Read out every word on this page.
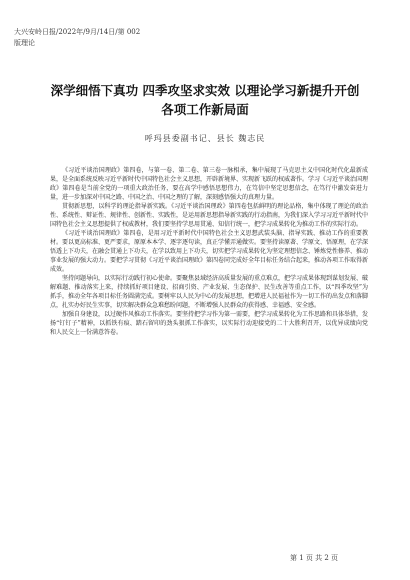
大兴安岭日报/2022年/9月/14日/第 002
版理论
深学细悟下真功 四季攻坚求实效 以理论学习新提升开创
各项工作新局面
呼玛县委副书记、县长 魏志民

《习近平谈治国理政》第四卷，与第一卷、第二卷、第三卷一脉相承，集中展现了马克思主义中国化时代化最新成果，是全面系统反映习近平新时代中国特色社会主义思想，开辟新境界、实现新飞跃的权威著作。学习《习近平谈治国理政》第四卷是当前全党的一项重大政治任务，要在高学中感悟思想伟力，在笃信中坚定思想信念，在笃行中激发奋进力量，进一步加深对中国之路、中国之治、中国之理的了解，深刻感悟强大的真理力量。

贯彻新思想，以科学的理论指导新实践。《习近平谈治国理政》第四卷包括鲜明的理论品格，集中体现了理论的政治性、系统性、辩证性、规律性、创新性、实践性，是运用新思想指导新实践的行动指南，为我们深入学习习近平新时代中国特色社会主义思想提供了权威教材，我们要坚持学思用贯通、知信行统一，把学习成果转化为推动工作的实际行动。

《习近平谈治国理政》第四卷，是用习近平新时代中国特色社会主义思想武装头脑、指导实践、推动工作的重要教材。要以更高标准、更严要求，原原本本学、逐字逐句读，真正学懂弄通做实。要坚持读原著、学原文、悟原理，在学深悟透上下功夫，在融会贯通上下功夫，在学以致用上下功夫，切实把学习成果转化为坚定理想信念、锤炼党性修养、推动事业发展的强大动力。要把学习贯彻《习近平谈治国理政》第四卷同完成好全年目标任务结合起来，推动各项工作取得新成效。

坚持问题导向，以实际行动践行初心使命。要聚焦县域经济高质量发展的重点难点，把学习成果体现到谋划发展、破解难题、推动落实上来，持续抓好项目建设、招商引资、产业发展、生态保护、民生改善等重点工作，以“四季攻坚”为抓手，推动全年各项目标任务圆满完成。要树牢以人民为中心的发展思想，把增进人民福祉作为一切工作的出发点和落脚点，扎实办好民生实事，切实解决群众急难愁盼问题，不断增强人民群众的获得感、幸福感、安全感。

加强自身建设，以过硬作风推动工作落实。要坚持把学习作为第一需要，把学习成果转化为工作思路和具体举措，发扬“钉钉子”精神，以抓铁有痕、踏石留印的劲头狠抓工作落实，以实际行动迎接党的二十大胜利召开，以优异成绩向党和人民交上一份满意答卷。

第 1 页 共 2 页
